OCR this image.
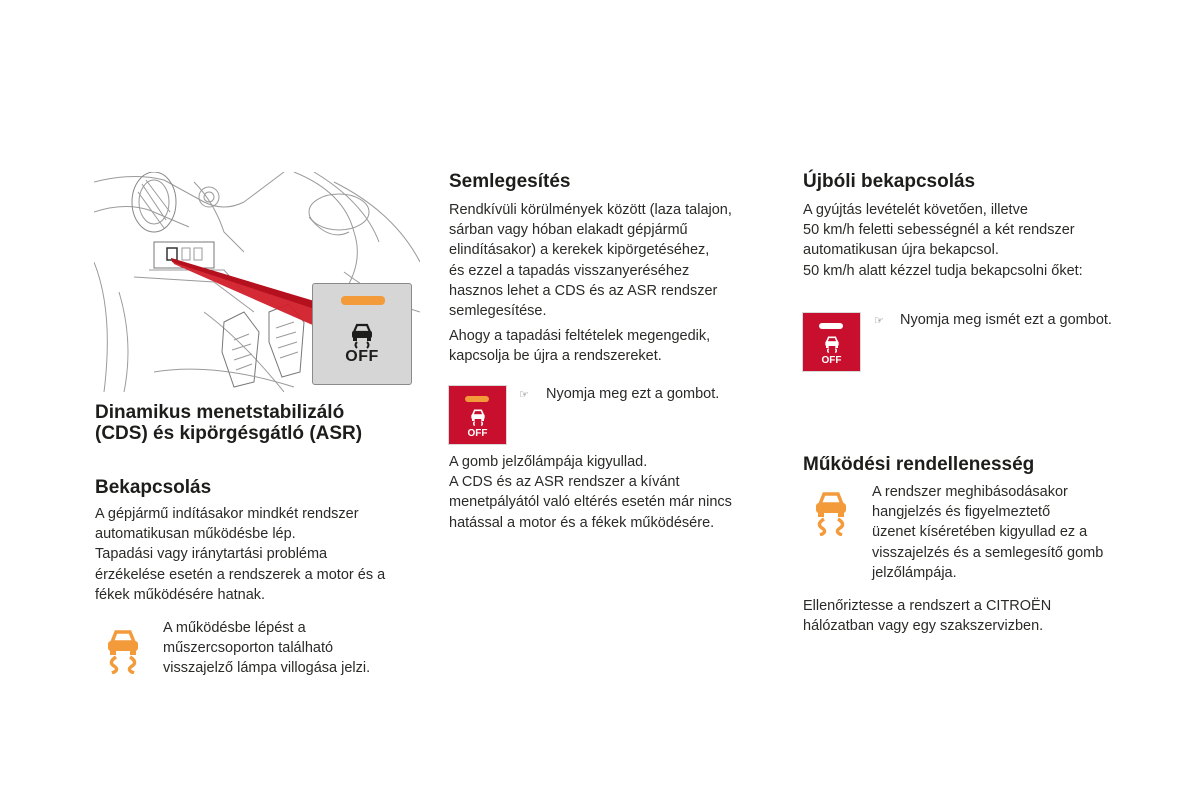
OFF
Dinamikus menetstabilizáló
(CDS) és kipörgésgátló (ASR)
Bekapcsolás

A gépjármű indításakor mindkét rendszer
automatikusan működésbe lép.
Tapadási vagy iránytartási probléma
érzékelése esetén a rendszerek a motor és a
fékek működésére hatnak.

A működésbe lépést a
műszercsoporton található
visszajelző lámpa villogása jelzi.

Semlegesítés

Rendkívüli körülmények között (laza talajon,
sárban vagy hóban elakadt gépjármű
elindításakor) a kerekek kipörgetéséhez,
és ezzel a tapadás visszanyeréséhez
hasznos lehet a CDS és az ASR rendszer
semlegesítése.

Ahogy a tapadási feltételek megengedik,
kapcsolja be újra a rendszereket.

OFF
☞ Nyomja meg ezt a gombot.

A gomb jelzőlámpája kigyullad.
A CDS és az ASR rendszer a kívánt
menetpályától való eltérés esetén már nincs
hatással a motor és a fékek működésére.

Újbóli bekapcsolás

A gyújtás levételét követően, illetve
50 km/h feletti sebességnél a két rendszer
automatikusan újra bekapcsol.
50 km/h alatt kézzel tudja bekapcsolni őket:

OFF
☞ Nyomja meg ismét ezt a gombot.

Működési rendellenesség

A rendszer meghibásodásakor
hangjelzés és figyelmeztető
üzenet kíséretében kigyullad ez a
visszajelzés és a semlegesítő gomb
jelzőlámpája.

Ellenőriztesse a rendszert a CITROËN
hálózatban vagy egy szakszervizben.
